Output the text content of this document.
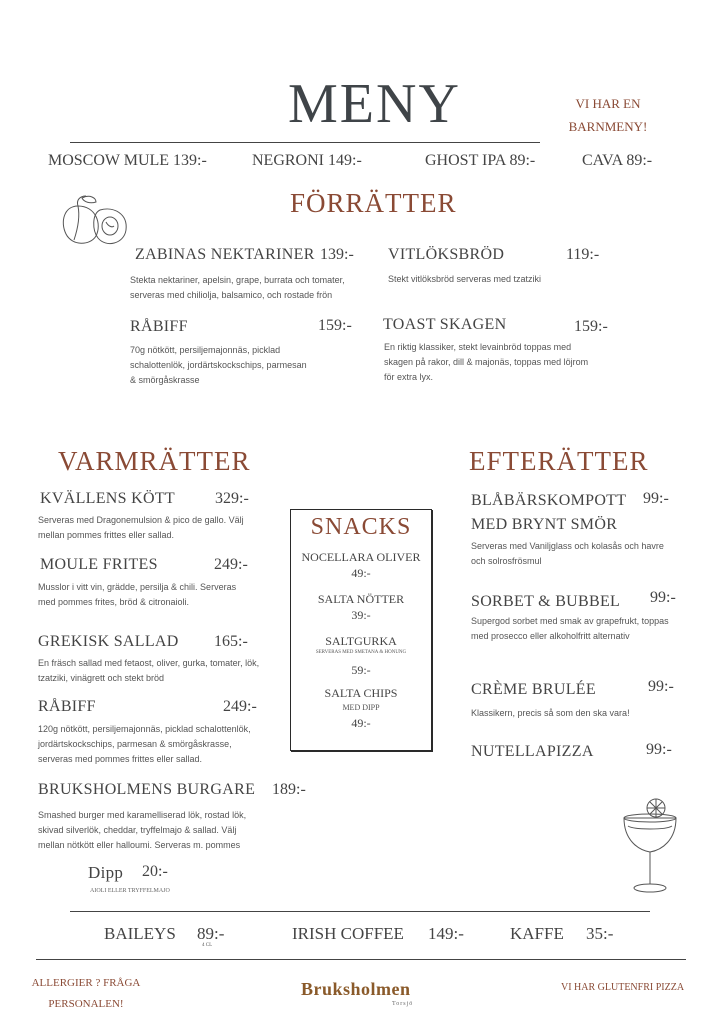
MENY	VI HAR EN BARNMENY!
MOSCOW MULE 139:-	NEGRONI 149:-	GHOST IPA 89:-	CAVA 89:-
FÖRRÄTTER
ZABINAS NEKTARINER 139:-
Stekta nektariner, apelsin, grape, burrata och tomater, serveras med chiliolja, balsamico, och rostade frön
VITLÖKSBRÖD	119:-
Stekt vitlöksbröd serveras med tzatziki
RÅBIFF	159:-
70g nötkött, persiljemajonnäs, picklad schalottenlök, jordärtskockschips, parmesan & smörgåskrasse
TOAST SKAGEN	159:-
En riktig klassiker, stekt levainbröd toppas med skagen på rakor, dill & majonäs, toppas med löjrom för extra lyx.
VARMRÄTTER
KVÄLLENS KÖTT	329:-
Serveras med Dragonemulsion & pico de gallo. Välj mellan pommes frittes eller sallad.
MOULE FRITES	249:-
Musslor i vitt vin, grädde, persilja & chili. Serveras med pommes frites, bröd & citronaioli.
GREKISK SALLAD 165:-
En fräsch sallad med fetaost, oliver, gurka, tomater, lök, tzatziki, vinägrett och stekt bröd
RÅBIFF	249:-
120g nötkött, persiljemajonnäs, picklad schalottenlök, jordärtskockschips, parmesan & smörgåskrasse, serveras med pommes frittes eller sallad.
BRUKSHOLMENS BURGARE 189:-
Smashed burger med karamelliserad lök, rostad lök, skivad silverlök, cheddar, tryffelmajo & sallad. Välj mellan nötkött eller halloumi. Serveras m. pommes
Dipp 20:-
AIOLI ELLER TRYFFELMAJO
SNACKS
NOCELLARA OLIVER
49:-
SALTA NÖTTER
39:-
SALTGURKA
SERVERAS MED SMETANA & HONUNG
59:-
SALTA CHIPS
MED DIPP
49:-
EFTERÄTTER
BLÅBÄRSKOMPOTT 99:-
MED BRYNT SMÖR
Serveras med Vaniljglass och kolasås och havre och solrosfrösmul
SORBET & BUBBEL 99:-
Supergod sorbet med smak av grapefrukt, toppas med prosecco eller alkoholfritt alternativ
CRÈME BRULÉE	99:-
Klassikern, precis så som den ska vara!
NUTELLAPIZZA	99:-
BAILEYS 89:-
4 CL
IRISH COFFEE 149:-	KAFFE 35:-
ALLERGIER ? FRÅGA PERSONALEN!
Bruksholmen
Torsjö
VI HAR GLUTENFRI PIZZA
